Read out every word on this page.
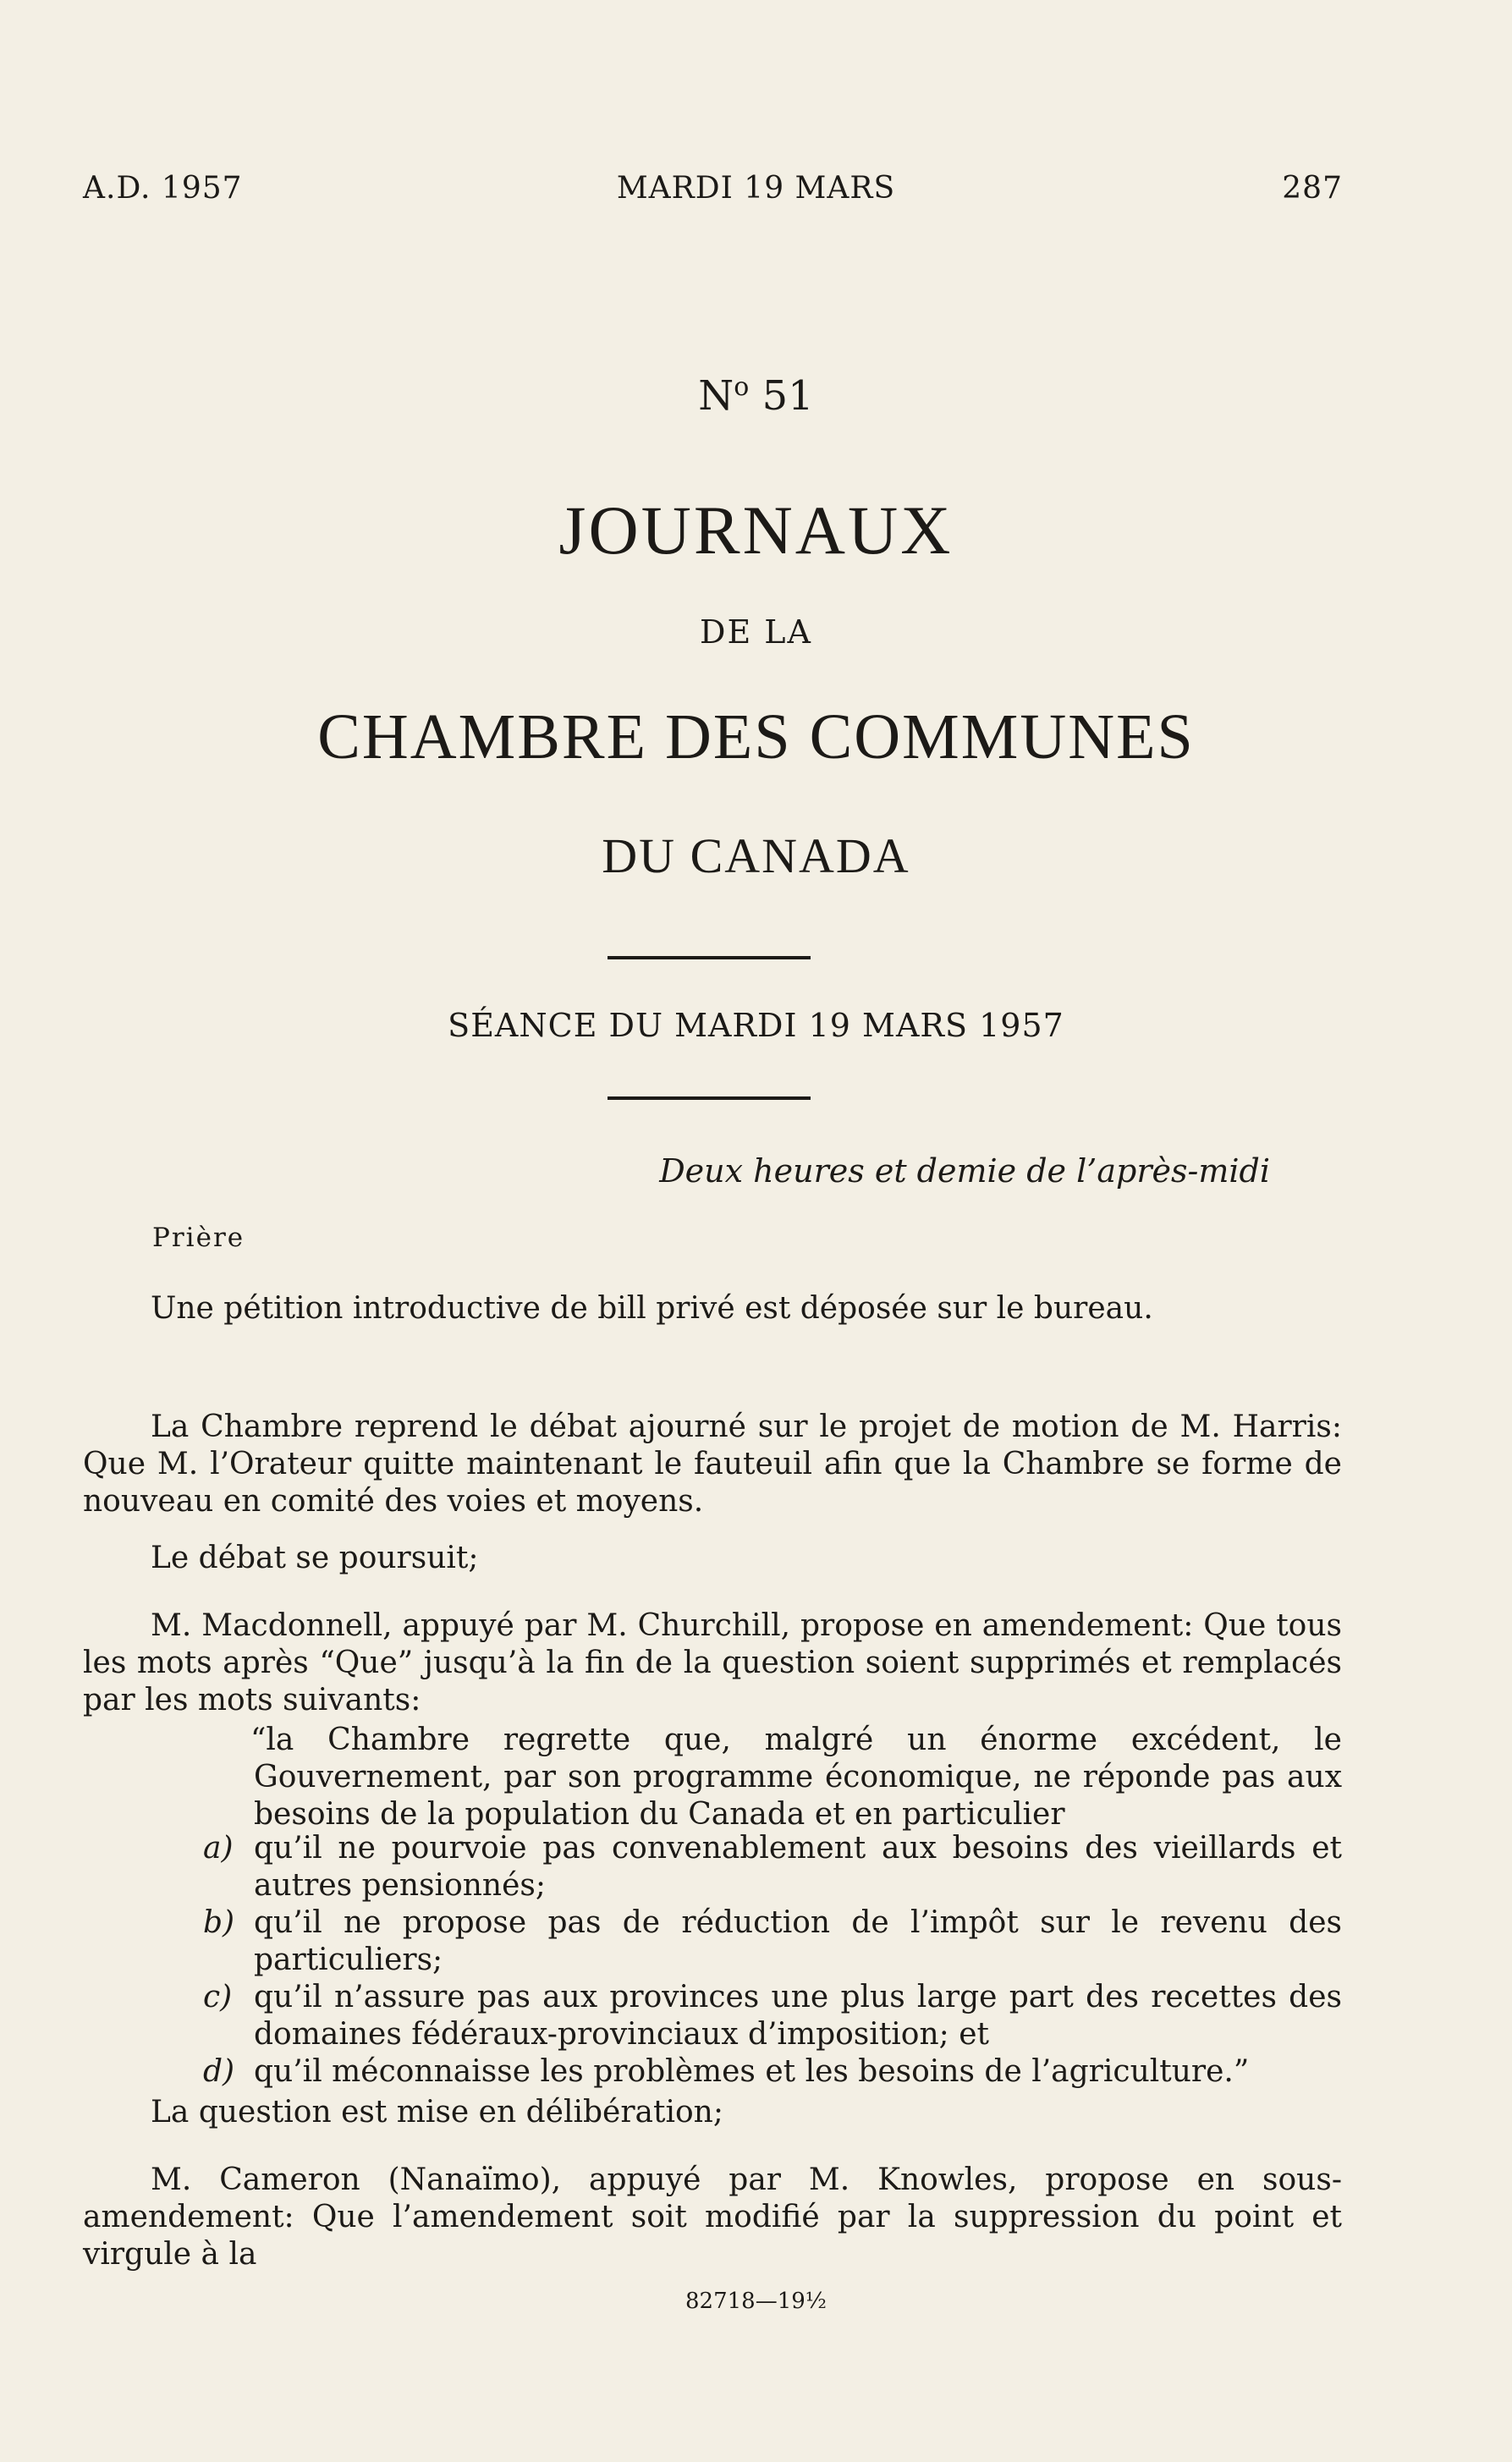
A.D. 1957	MARDI 19 MARS	287
$N^o$ 51
JOURNAUX
DE LA
CHAMBRE DES COMMUNES
DU CANADA
SÉANCE DU MARDI 19 MARS 1957
Deux heures et demie de l’après-midi
Prière

Une pétition introductive de bill privé est déposée sur le bureau.

La Chambre reprend le débat ajourné sur le projet de motion de M. Harris: Que M. l’Orateur quitte maintenant le fauteuil afin que la Chambre se forme de nouveau en comité des voies et moyens.

Le débat se poursuit;

M. Macdonnell, appuyé par M. Churchill, propose en amendement: Que tous les mots après “Que” jusqu’à la fin de la question soient supprimés et remplacés par les mots suivants:

“la Chambre regrette que, malgré un énorme excédent, le Gouvernement, par son programme économique, ne réponde pas aux besoins de la population du Canada et en particulier

a) qu’il ne pourvoie pas convenablement aux besoins des vieillards et autres pensionnés;
b) qu’il ne propose pas de réduction de l’impôt sur le revenu des particuliers;
c) qu’il n’assure pas aux provinces une plus large part des recettes des domaines fédéraux-provinciaux d’imposition; et
d) qu’il méconnaisse les problèmes et les besoins de l’agriculture.”

La question est mise en délibération;

M. Cameron (Nanaïmo), appuyé par M. Knowles, propose en sous-amendement: Que l’amendement soit modifié par la suppression du point et virgule à la

82718—19½
